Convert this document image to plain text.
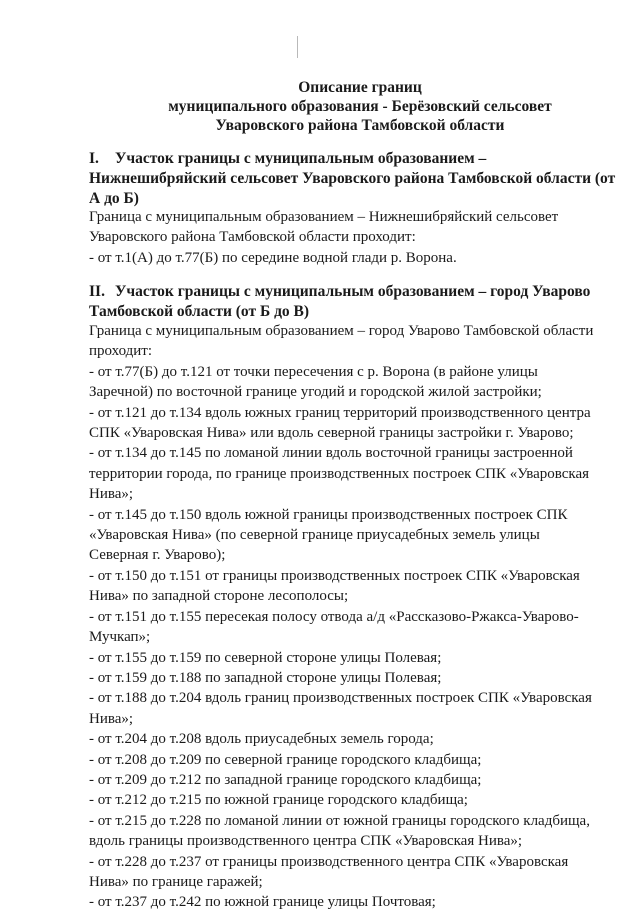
Описание границ
муниципального образования - Берёзовский сельсовет
Уваровского района Тамбовской области
I. Участок границы с муниципальным образованием –
Нижнешибряйский сельсовет Уваровского района Тамбовской области (от
А до Б)
Граница с муниципальным образованием – Нижнешибряйский сельсовет
Уваровского района Тамбовской области проходит:
- от т.1(А) до т.77(Б) по середине водной глади р. Ворона.
II. Участок границы с муниципальным образованием – город Уварово
Тамбовской области (от Б до В)
Граница с муниципальным образованием – город Уварово Тамбовской области
проходит:
- от т.77(Б) до т.121 от точки пересечения с р. Ворона (в районе улицы
Заречной) по восточной границе угодий и городской жилой застройки;
- от т.121 до т.134 вдоль южных границ территорий производственного центра
СПК «Уваровская Нива» или вдоль северной границы застройки г. Уварово;
- от т.134 до т.145 по ломаной линии вдоль восточной границы застроенной
территории города, по границе производственных построек СПК «Уваровская
Нива»;
- от т.145 до т.150 вдоль южной границы производственных построек СПК
«Уваровская Нива» (по северной границе приусадебных земель улицы
Северная г. Уварово);
- от т.150 до т.151 от границы производственных построек СПК «Уваровская
Нива» по западной стороне лесополосы;
- от т.151 до т.155 пересекая полосу отвода а/д «Рассказово-Ржакса-Уварово-
Мучкап»;
- от т.155 до т.159 по северной стороне улицы Полевая;
- от т.159 до т.188 по западной стороне улицы Полевая;
- от т.188 до т.204 вдоль границ производственных построек СПК «Уваровская
Нива»;
- от т.204 до т.208 вдоль приусадебных земель города;
- от т.208 до т.209 по северной границе городского кладбища;
- от т.209 до т.212 по западной границе городского кладбища;
- от т.212 до т.215 по южной границе городского кладбища;
- от т.215 до т.228 по ломаной линии от южной границы городского кладбища,
вдоль границы производственного центра СПК «Уваровская Нива»;
- от т.228 до т.237 от границы производственного центра СПК «Уваровская
Нива» по границе гаражей;
- от т.237 до т.242 по южной границе улицы Почтовая;
